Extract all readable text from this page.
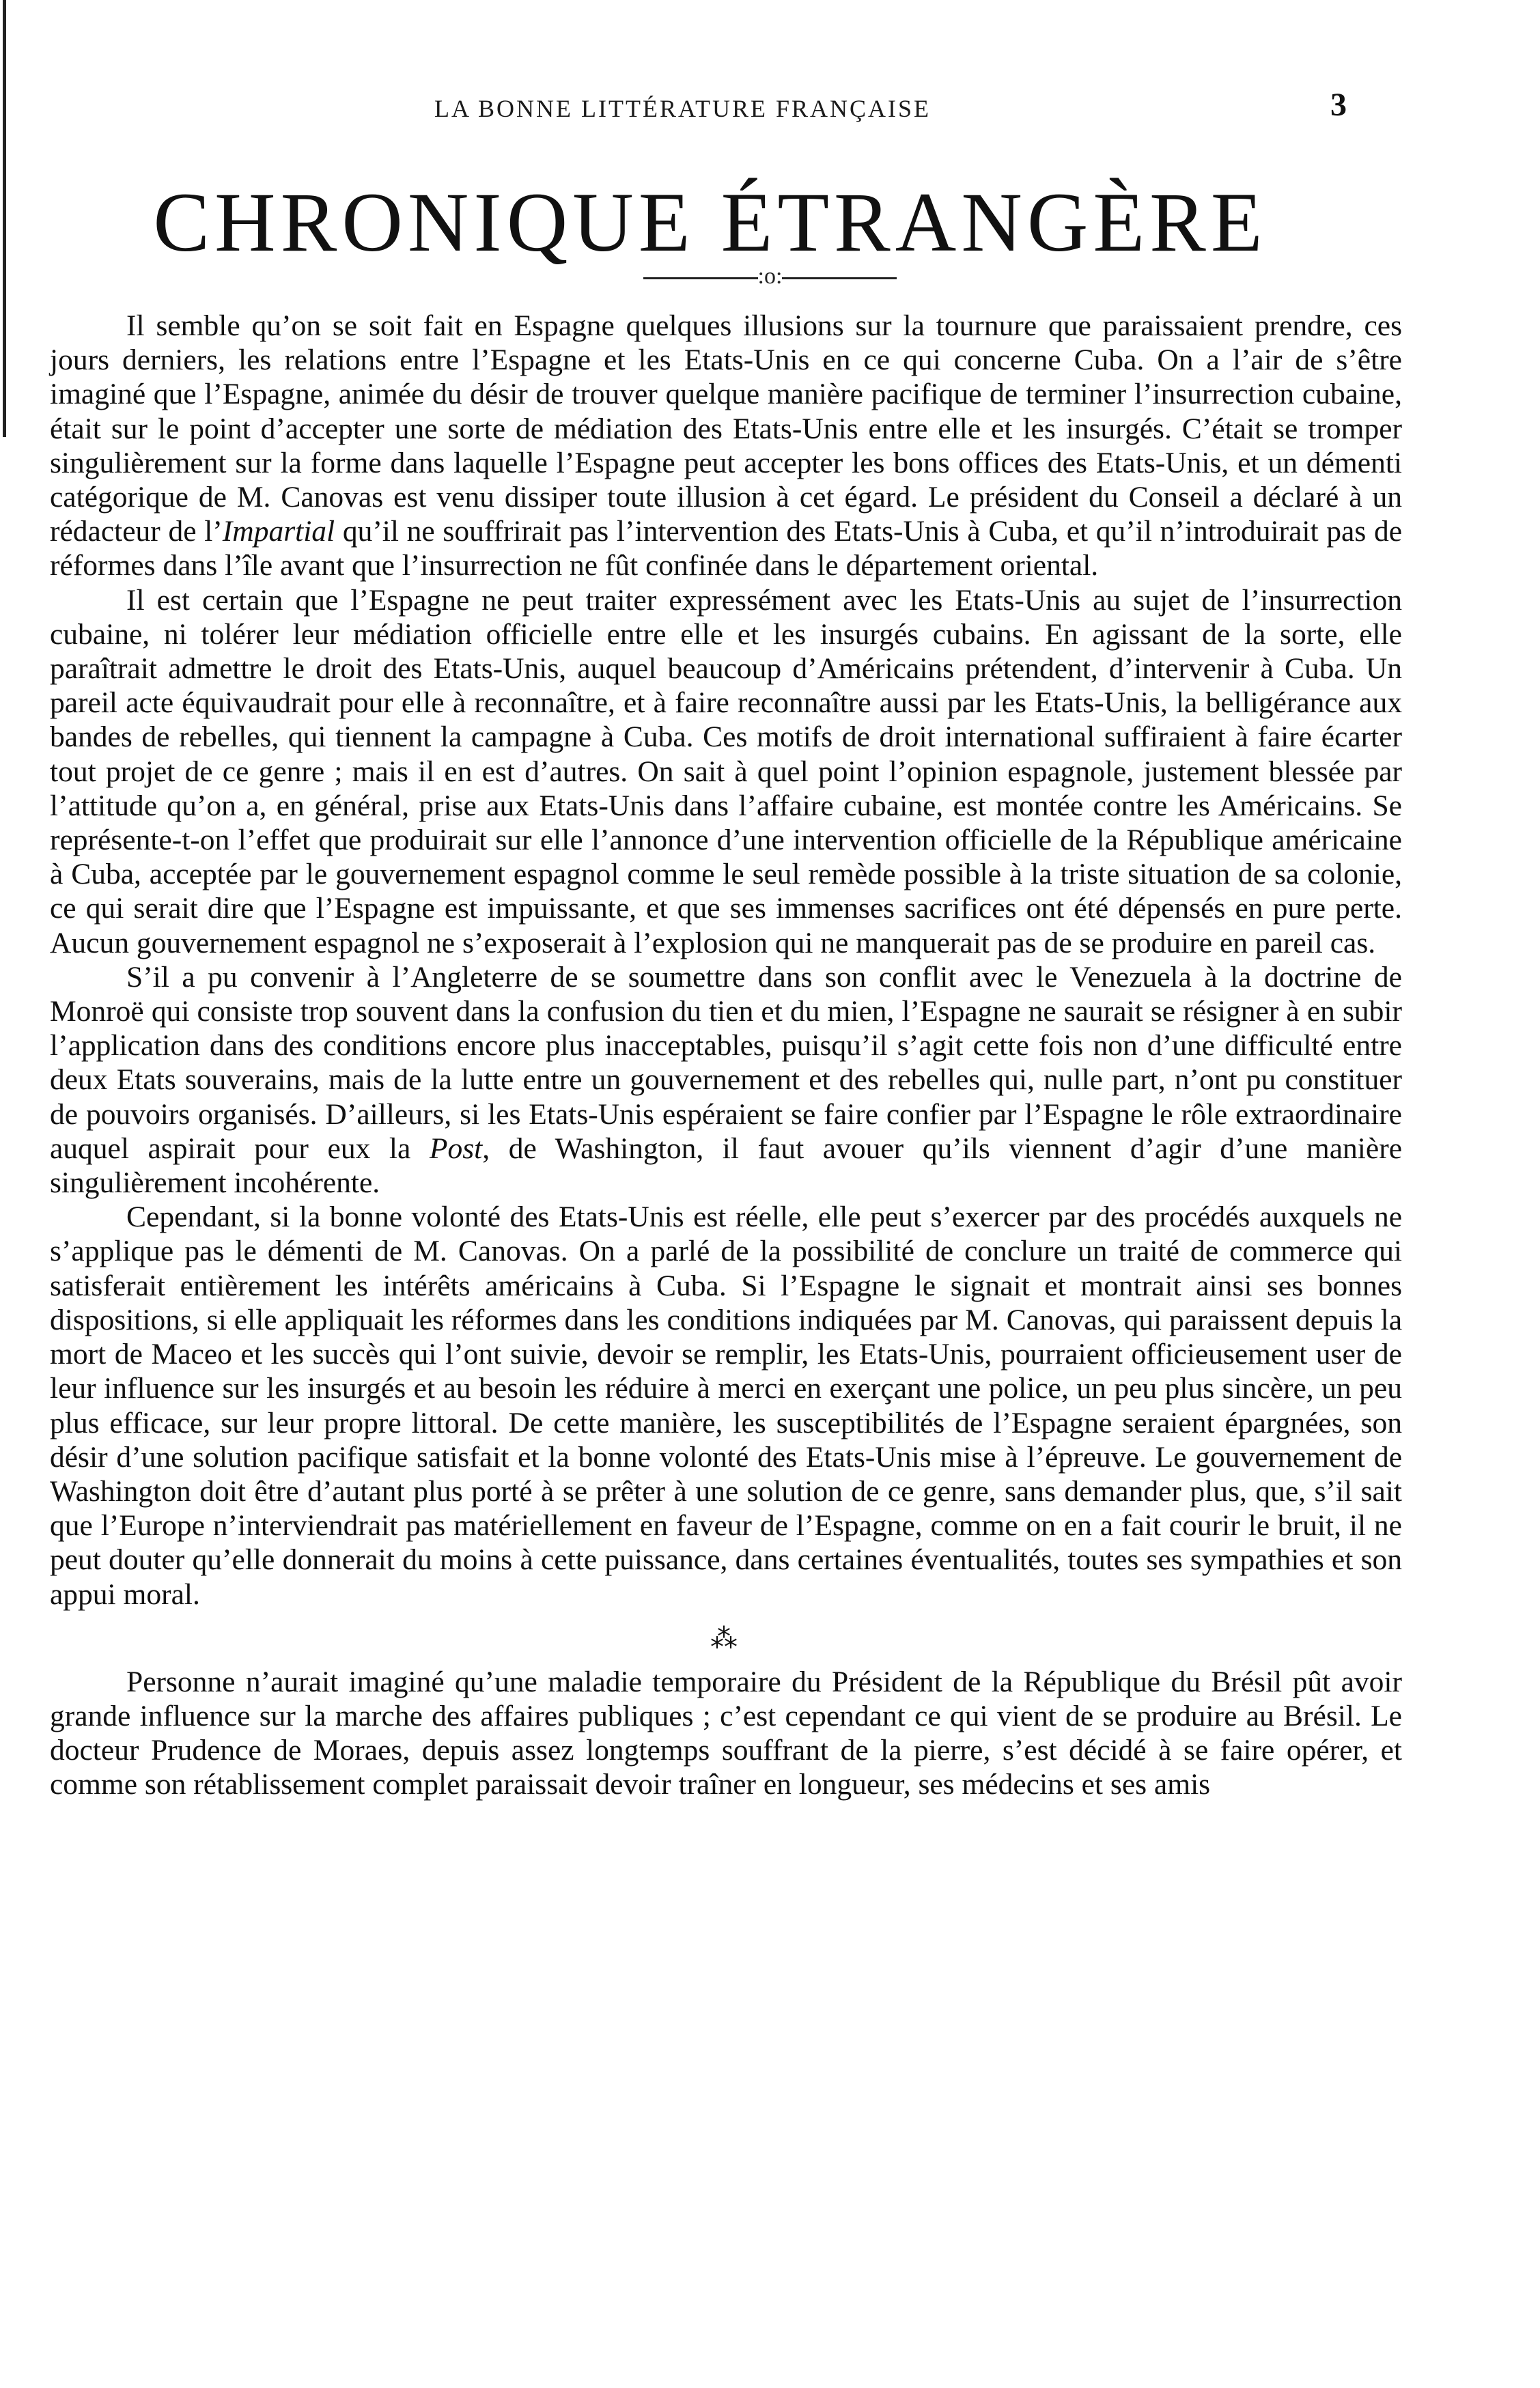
LA BONNE LITTÉRATURE FRANÇAISE	3
CHRONIQUE ÉTRANGÈRE
:o:

Il semble qu’on se soit fait en Espagne quelques illusions sur la tournure que paraissaient prendre, ces jours derniers, les relations entre l’Espagne et les Etats-Unis en ce qui concerne Cuba. On a l’air de s’être imaginé que l’Espagne, animée du désir de trouver quelque manière pacifique de terminer l’insurrection cubaine, était sur le point d’accepter une sorte de médiation des Etats-Unis entre elle et les insurgés. C’était se tromper singulièrement sur la forme dans laquelle l’Espagne peut accepter les bons offices des Etats-Unis, et un démenti catégorique de M. Canovas est venu dissiper toute illusion à cet égard. Le président du Conseil a déclaré à un rédacteur de l’Impartial qu’il ne souffrirait pas l’intervention des Etats-Unis à Cuba, et qu’il n’introduirait pas de réformes dans l’île avant que l’insurrection ne fût confinée dans le département oriental.

Il est certain que l’Espagne ne peut traiter expressément avec les Etats-Unis au sujet de l’insurrection cubaine, ni tolérer leur médiation officielle entre elle et les insurgés cubains. En agissant de la sorte, elle paraîtrait admettre le droit des Etats-Unis, auquel beaucoup d’Américains prétendent, d’intervenir à Cuba. Un pareil acte équivaudrait pour elle à reconnaître, et à faire reconnaître aussi par les Etats-Unis, la belligérance aux bandes de rebelles, qui tiennent la campagne à Cuba. Ces motifs de droit international suffiraient à faire écarter tout projet de ce genre ; mais il en est d’autres. On sait à quel point l’opinion espagnole, justement blessée par l’attitude qu’on a, en général, prise aux Etats-Unis dans l’affaire cubaine, est montée contre les Américains. Se représente-t-on l’effet que produirait sur elle l’annonce d’une intervention officielle de la République américaine à Cuba, acceptée par le gouvernement espagnol comme le seul remède possible à la triste situation de sa colonie, ce qui serait dire que l’Espagne est impuissante, et que ses immenses sacrifices ont été dépensés en pure perte. Aucun gouvernement espagnol ne s’exposerait à l’explosion qui ne manquerait pas de se produire en pareil cas.

S’il a pu convenir à l’Angleterre de se soumettre dans son conflit avec le Venezuela à la doctrine de Monroë qui consiste trop souvent dans la confusion du tien et du mien, l’Espagne ne saurait se résigner à en subir l’application dans des conditions encore plus inacceptables, puisqu’il s’agit cette fois non d’une difficulté entre deux Etats souverains, mais de la lutte entre un gouvernement et des rebelles qui, nulle part, n’ont pu constituer de pouvoirs organisés. D’ailleurs, si les Etats-Unis espéraient se faire confier par l’Espagne le rôle extraordinaire auquel aspirait pour eux la Post, de Washington, il faut avouer qu’ils viennent d’agir d’une manière singulièrement incohérente.

Cependant, si la bonne volonté des Etats-Unis est réelle, elle peut s’exercer par des procédés auxquels ne s’applique pas le démenti de M. Canovas. On a parlé de la possibilité de conclure un traité de commerce qui satisferait entièrement les intérêts américains à Cuba. Si l’Espagne le signait et montrait ainsi ses bonnes dispositions, si elle appliquait les réformes dans les conditions indiquées par M. Canovas, qui paraissent depuis la mort de Maceo et les succès qui l’ont suivie, devoir se remplir, les Etats-Unis, pourraient officieusement user de leur influence sur les insurgés et au besoin les réduire à merci en exerçant une police, un peu plus sincère, un peu plus efficace, sur leur propre littoral. De cette manière, les susceptibilités de l’Espagne seraient épargnées, son désir d’une solution pacifique satisfait et la bonne volonté des Etats-Unis mise à l’épreuve. Le gouvernement de Washington doit être d’autant plus porté à se prêter à une solution de ce genre, sans demander plus, que, s’il sait que l’Europe n’interviendrait pas matériellement en faveur de l’Espagne, comme on en a fait courir le bruit, il ne peut douter qu’elle donnerait du moins à cette puissance, dans certaines éventualités, toutes ses sympathies et son appui moral.

⁂

Personne n’aurait imaginé qu’une maladie temporaire du Président de la République du Brésil pût avoir grande influence sur la marche des affaires publiques ; c’est cependant ce qui vient de se produire au Brésil. Le docteur Prudence de Moraes, depuis assez longtemps souffrant de la pierre, s’est décidé à se faire opérer, et comme son rétablissement complet paraissait devoir traîner en longueur, ses médecins et ses amis
